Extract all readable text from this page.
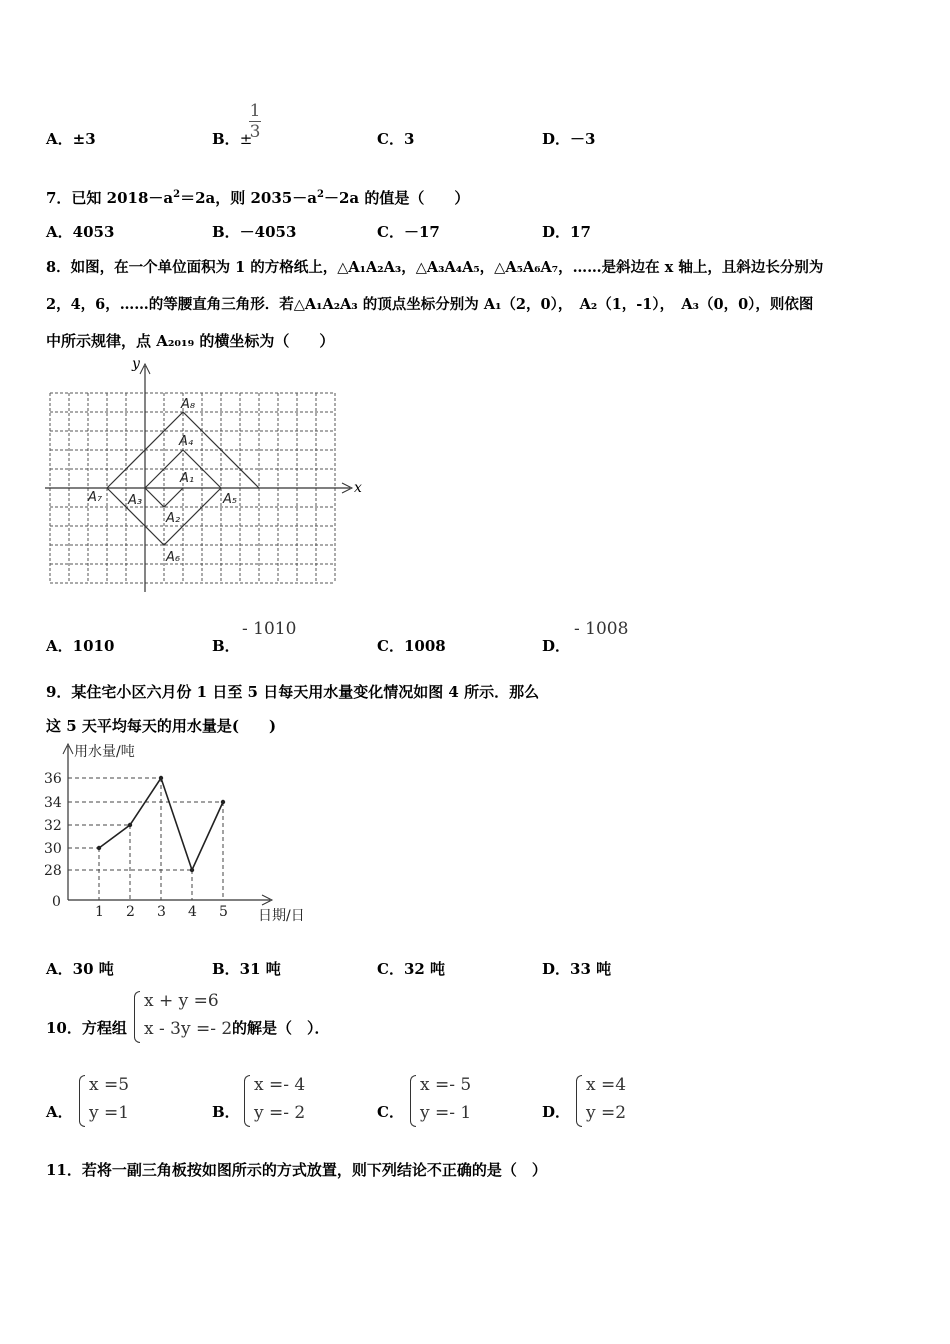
A．±3	B．±
1
3	C．3	D．－3
7．已知 $2018-a^2=2a$，则 $2035-a^2-2a$ 的值是（　　）
A．4053	B．－4053	C．－17	D．17
8．如图，在一个单位面积为 1 的方格纸上，△A₁A₂A₃，△A₃A₄A₅，△A₅A₆A₇，……是斜边在 x 轴上，且斜边长分别为
2，4，6，……的等腰直角三角形．若△A₁A₂A₃ 的顶点坐标分别为 A₁（2，0），　A₂（1，-1），　A₃（0，0），则依图
中所示规律，点 A₂₀₁₉ 的横坐标为（　　）
x
y
A₁
A₂
A₃
A₄
A₅
A₆
A₇
A₈
A．1010	B．
- 1010
C．1008	D．
- 1008
9．某住宅小区六月份 1 日至 5 日每天用水量变化情况如图 4 所示．那么
这 5 天平均每天的用水量是(　　)
用水量/吨
日期/日
0
28
30
32
34
36
1 2 3 4 5
A．30 吨	B．31 吨	C．32 吨	D．33 吨
10．方程组
x + y =6
x - 3y =- 2 的解是（　）．
A．
x =5
y =1	B．
x =- 4
y =- 2	C．
x =- 5
y =- 1	D．
x =4
y =2
11．若将一副三角板按如图所示的方式放置，则下列结论不正确的是（　）
